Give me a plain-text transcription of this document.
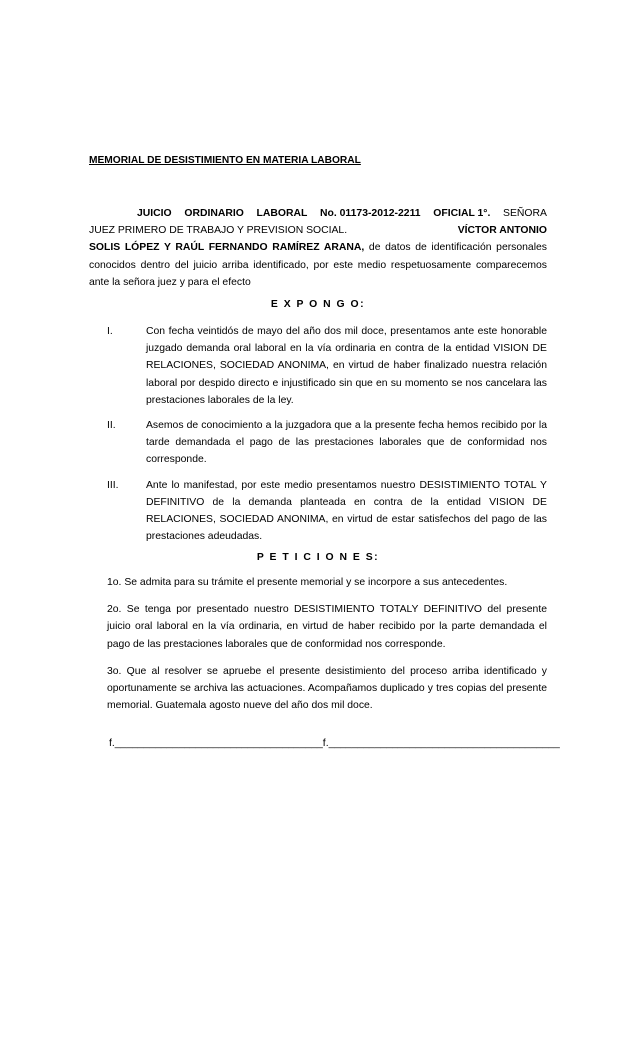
MEMORIAL DE DESISTIMIENTO EN MATERIA LABORAL
JUICIO ORDINARIO LABORAL No. 01173-2012-2211 OFICIAL 1°. SEÑORA
JUEZ PRIMERO DE TRABAJO Y PREVISION SOCIAL.	VÍCTOR ANTONIO
SOLIS LÓPEZ Y RAÚL FERNANDO RAMÍREZ ARANA, de datos de identificación personales conocidos dentro del juicio arriba identificado, por este medio respetuosamente comparecemos ante la señora juez y para el efecto
E X P O N G O:
I.	Con fecha veintidós de mayo del año dos mil doce, presentamos ante este honorable juzgado demanda oral laboral en la vía ordinaria en contra de la entidad VISION DE RELACIONES, SOCIEDAD ANONIMA, en virtud de haber finalizado nuestra relación laboral por despido directo e injustificado sin que en su momento se nos cancelara las prestaciones laborales de la ley.
II.	Asemos de conocimiento a la juzgadora que a la presente fecha hemos recibido por la tarde demandada el pago de las prestaciones laborales que de conformidad nos corresponde.
III.	Ante lo manifestad, por este medio presentamos nuestro DESISTIMIENTO TOTAL Y DEFINITIVO de la demanda planteada en contra de la entidad VISION DE RELACIONES, SOCIEDAD ANONIMA, en virtud de estar satisfechos del pago de las prestaciones adeudadas.
P E T I C I O N E S:

1o. Se admita para su trámite el presente memorial y se incorpore a sus antecedentes.

2o. Se tenga por presentado nuestro DESISTIMIENTO TOTALY DEFINITIVO del presente juicio oral laboral en la vía ordinaria, en virtud de haber recibido por la parte demandada el pago de las prestaciones laborales que de conformidad nos corresponde.

3o. Que al resolver se apruebe el presente desistimiento del proceso arriba identificado y oportunamente se archiva las actuaciones. Acompañamos duplicado y tres copias del presente memorial. Guatemala agosto nueve del año dos mil doce.

f.____________________________________f.________________________________________
